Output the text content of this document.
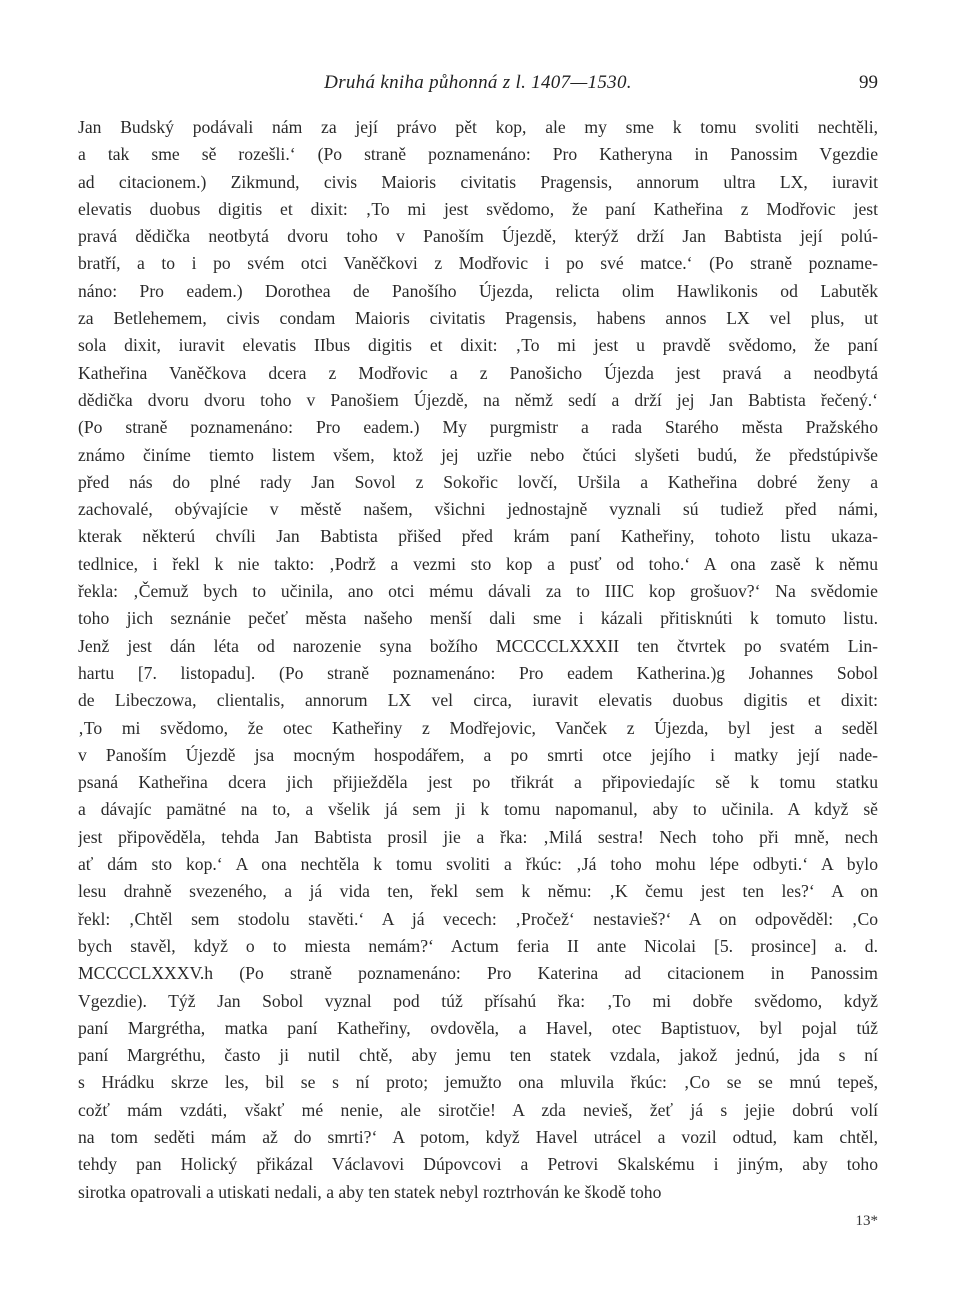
Druhá kniha půhonná z l. 1407—1530.	99
Jan Budský podávali nám za její právo pět kop, ale my sme k tomu svoliti nechtěli,
a tak sme sě rozešli.‘ (Po straně poznamenáno: Pro Katheryna in Panossim Vgezdie
ad citacionem.) Zikmund, civis Maioris civitatis Pragensis, annorum ultra LX, iuravit
elevatis duobus digitis et dixit: ‚To mi jest svědomo, že paní Katheřina z Modřovic jest
pravá dědička neotbytá dvoru toho v Panoším Újezdě, kterýž drží Jan Babtista její polú-
bratří, a to i po svém otci Vaněčkovi z Modřovic i po své matce.‘ (Po straně poznamе-
náno: Pro eadem.) Dorothea de Panošího Újezda, relicta olim Hawlikonis od Labutěk
za Betlehemem, civis condam Maioris civitatis Pragensis, habens annos LX vel plus, ut
sola dixit, iuravit elevatis IIbus digitis et dixit: ‚To mi jest u pravdě svědomo, že paní
Katheřina Vaněčkova dcera z Modřovic a z Panošicho Újezda jest pravá a neodbytá
dědička dvoru dvoru toho v Panošiem Újezdě, na němž sedí a drží jej Jan Babtista řečený.‘
(Po straně poznamenáno: Pro eadem.) My purgmistr a rada Starého města Pražského
známo činíme tiemto listem všem, ktož jej uzřie nebo čtúci slyšeti budú, že předstúpivše
před nás do plné rady Jan Sovol z Sokořic lovčí, Uršila a Katheřina dobré ženy a
zachovalé, obývajície v městě našem, všichni jednostajně vyznali sú tudiež před námi,
kterak některú chvíli Jan Babtista přišed před krám paní Katheřiny, tohoto listu ukaza-
tedlnice, i řekl k nie takto: ‚Podrž a vezmi sto kop a pusť od toho.‘ A ona zasě k němu
řekla: ‚Čemuž bych to učinila, ano otci mému dávali za to IIIC kop grošuov?‘ Na svědomie
toho jich seznánie pečeť města našeho menší dali sme i kázali přitisknúti k tomuto listu.
Jenž jest dán léta od narozenie syna božího MCCCCLXXXII ten čtvrtek po svatém Lin-
hartu [7. listopadu]. (Po straně poznamenáno: Pro eadem Katherina.)g Johannes Sobol
de Libeczowa, clientalis, annorum LX vel circa, iuravit elevatis duobus digitis et dixit:
‚To mi svědomo, že otec Katheřiny z Modřejovic, Vanček z Újezda, byl jest a seděl
v Panoším Újezdě jsa mocným hospodářem, a po smrti otce jejího i matky její nade-
psaná Katheřina dcera jich přijiežděla jest po třikrát a připoviedajíc sě k tomu statku
a dávajíc pamätné na to, a všelik já sem ji k tomu napomanul, aby to učinila. A když sě
jest připověděla, tehda Jan Babtista prosil jie a řka: ‚Milá sestra! Nech toho při mně, nech
ať dám sto kop.‘ A ona nechtěla k tomu svoliti a řkúc: ‚Já toho mohu lépe odbyti.‘ A bylo
lesu drahně svezeného, a já vida ten, řekl sem k němu: ‚K čemu jest ten les?‘ A on
řekl: ‚Chtěl sem stodolu stavěti.‘ A já vecech: ‚Pročež‘ nestavieš?‘ A on odpověděl: ‚Co
bych stavěl, když o to miesta nemám?‘ Actum feria II ante Nicolai [5. prosince] a. d.
MCCCCLXXXV.h (Po straně poznamenáno: Pro Katerina ad citacionem in Panossim
Vgezdie). Týž Jan Sobol vyznal pod túž přísahú řka: ‚To mi dobře svědomo, když
paní Margrétha, matka paní Katheřiny, ovdověla, a Havel, otec Baptistuov, byl pojal túž
paní Margréthu, často ji nutil chtě, aby jemu ten statek vzdala, jakož jednú, jda s ní
s Hrádku skrze les, bil se s ní proto; jemužto ona mluvila řkúc: ‚Co se se mnú tepeš,
cožť mám vzdáti, všakť mé nenie, ale sirotčie! A zda nevieš, žeť já s jejie dobrú volí
na tom seděti mám až do smrti?‘ A potom, když Havel utrácel a vozil odtud, kam chtěl,
tehdy pan Holický přikázal Václavovi Dúpovcovi a Petrovi Skalskému i jiným, aby toho
sirotka opatrovali a utiskati nedali, a aby ten statek nebyl roztrhován ke škodě toho
13*
